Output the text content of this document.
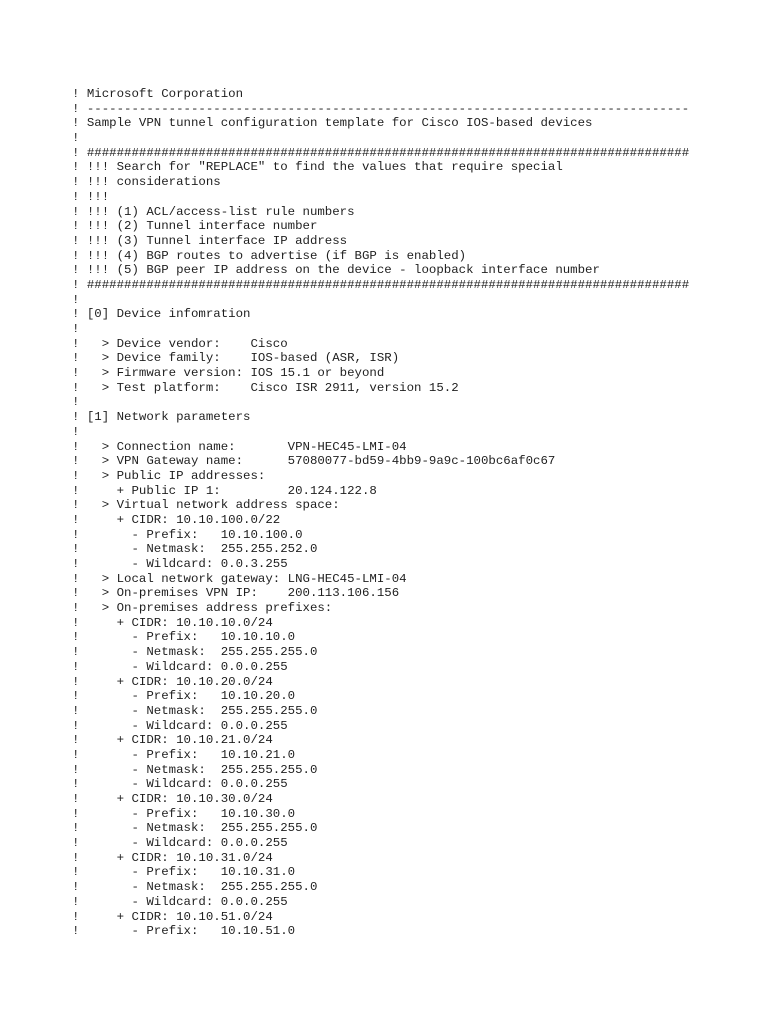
! Microsoft Corporation
! ---------------------------------------------------------------------------------
! Sample VPN tunnel configuration template for Cisco IOS-based devices
!
! #################################################################################
! !!! Search for "REPLACE" to find the values that require special
! !!! considerations
! !!!
! !!! (1) ACL/access-list rule numbers
! !!! (2) Tunnel interface number
! !!! (3) Tunnel interface IP address
! !!! (4) BGP routes to advertise (if BGP is enabled)
! !!! (5) BGP peer IP address on the device - loopback interface number
! #################################################################################
!
! [0] Device infomration
!
!   > Device vendor:    Cisco
!   > Device family:    IOS-based (ASR, ISR)
!   > Firmware version: IOS 15.1 or beyond
!   > Test platform:    Cisco ISR 2911, version 15.2
!
! [1] Network parameters
!
!   > Connection name:       VPN-HEC45-LMI-04
!   > VPN Gateway name:      57080077-bd59-4bb9-9a9c-100bc6af0c67
!   > Public IP addresses:
!     + Public IP 1:         20.124.122.8
!   > Virtual network address space:
!     + CIDR: 10.10.100.0/22
!       - Prefix:   10.10.100.0
!       - Netmask:  255.255.252.0
!       - Wildcard: 0.0.3.255
!   > Local network gateway: LNG-HEC45-LMI-04
!   > On-premises VPN IP:    200.113.106.156
!   > On-premises address prefixes:
!     + CIDR: 10.10.10.0/24
!       - Prefix:   10.10.10.0
!       - Netmask:  255.255.255.0
!       - Wildcard: 0.0.0.255
!     + CIDR: 10.10.20.0/24
!       - Prefix:   10.10.20.0
!       - Netmask:  255.255.255.0
!       - Wildcard: 0.0.0.255
!     + CIDR: 10.10.21.0/24
!       - Prefix:   10.10.21.0
!       - Netmask:  255.255.255.0
!       - Wildcard: 0.0.0.255
!     + CIDR: 10.10.30.0/24
!       - Prefix:   10.10.30.0
!       - Netmask:  255.255.255.0
!       - Wildcard: 0.0.0.255
!     + CIDR: 10.10.31.0/24
!       - Prefix:   10.10.31.0
!       - Netmask:  255.255.255.0
!       - Wildcard: 0.0.0.255
!     + CIDR: 10.10.51.0/24
!       - Prefix:   10.10.51.0
